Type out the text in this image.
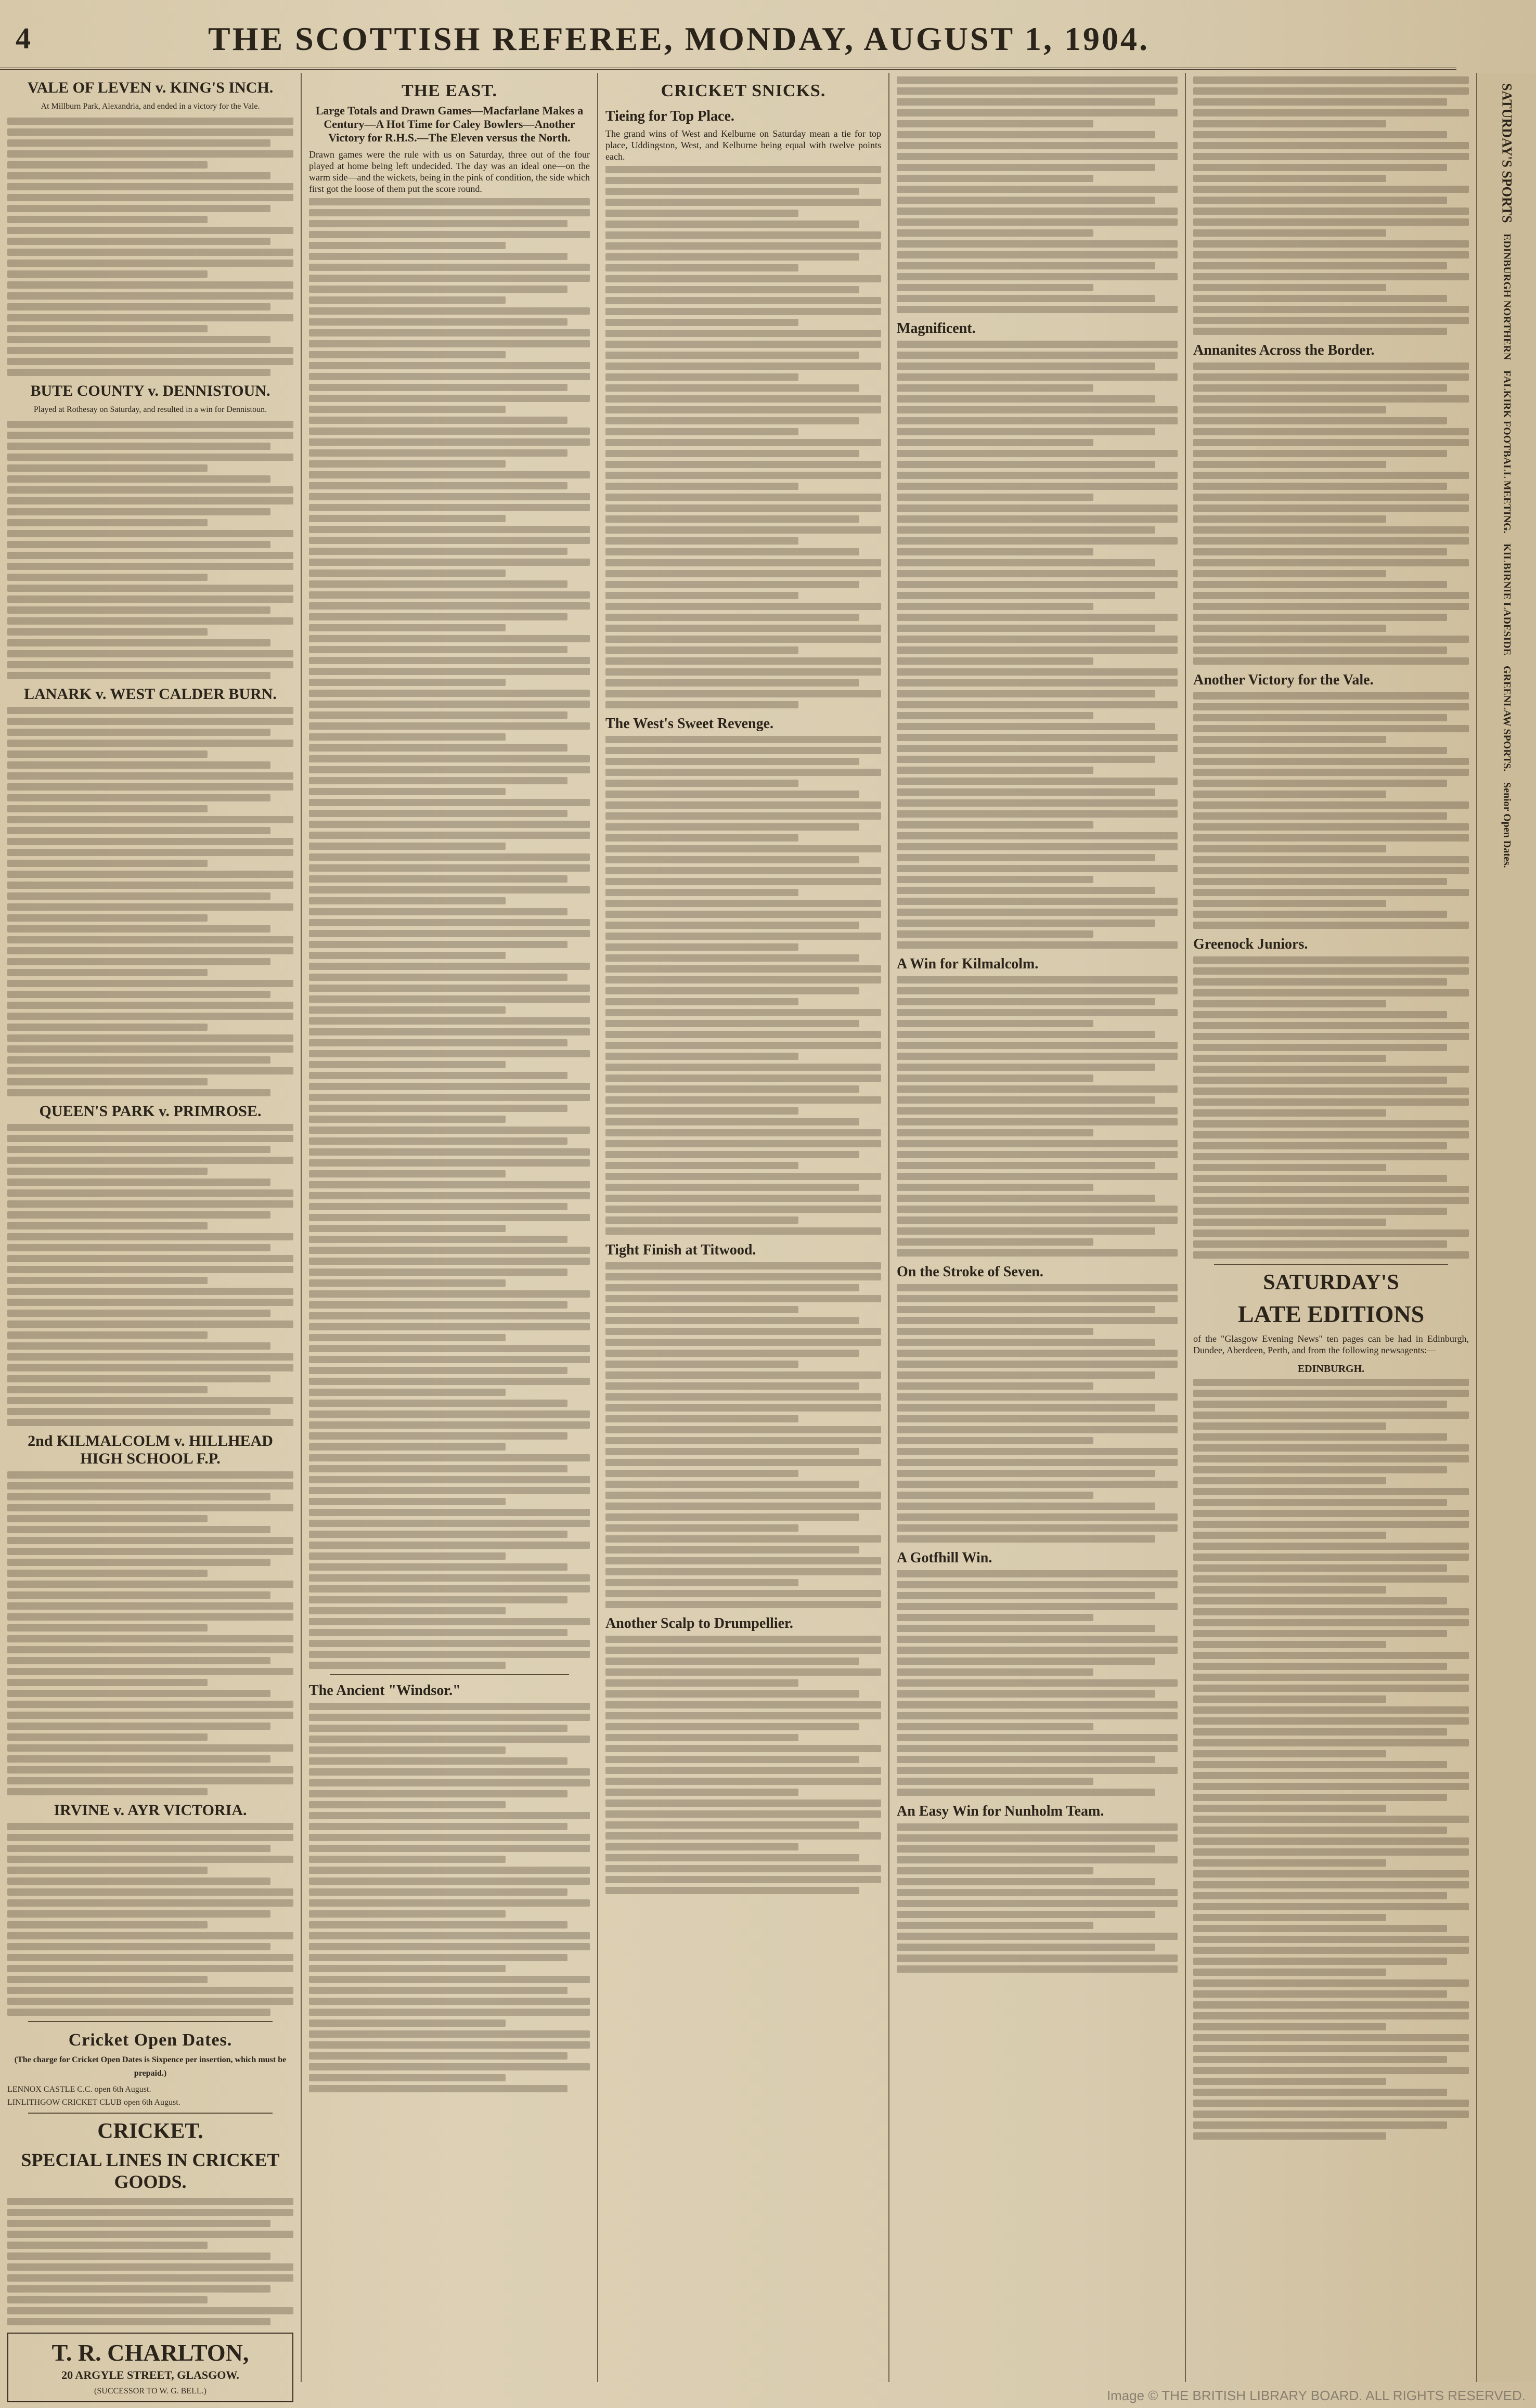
4	THE SCOTTISH REFEREE, MONDAY, AUGUST 1, 1904.
VALE OF LEVEN v. KING'S INCH.

At Millburn Park, Alexandria, and ended in a victory for the Vale.

BUTE COUNTY v. DENNISTOUN.

Played at Rothesay on Saturday, and resulted in a win for Dennistoun.

LANARK v. WEST CALDER BURN.
QUEEN'S PARK v. PRIMROSE.
2nd KILMALCOLM v. HILLHEAD HIGH SCHOOL F.P.
IRVINE v. AYR VICTORIA.
Cricket Open Dates.

(The charge for Cricket Open Dates is Sixpence per insertion, which must be prepaid.)

LENNOX CASTLE C.C. open 6th August.

LINLITHGOW CRICKET CLUB open 6th August.

CRICKET.
SPECIAL LINES IN CRICKET GOODS.
T. R. CHARLTON,
20 ARGYLE STREET, GLASGOW.
(SUCCESSOR TO W. G. BELL.)
THE EAST.

Large Totals and Drawn Games—Macfarlane Makes a Century—A Hot Time for Caley Bowlers—Another Victory for R.H.S.—The Eleven versus the North.

Drawn games were the rule with us on Saturday, three out of the four played at home being left undecided. The day was an ideal one—on the warm side—and the wickets, being in the pink of condition, the side which first got the loose of them put the score round.

The Ancient "Windsor."
CRICKET SNICKS.
Tieing for Top Place.

The grand wins of West and Kelburne on Saturday mean a tie for top place, Uddingston, West, and Kelburne being equal with twelve points each.

The West's Sweet Revenge.
Tight Finish at Titwood.
Another Scalp to Drumpellier.
Magnificent.
A Win for Kilmalcolm.
On the Stroke of Seven.
A Gotfhill Win.
An Easy Win for Nunholm Team.
Annanites Across the Border.
Another Victory for the Vale.
Greenock Juniors.
SATURDAY'S
LATE EDITIONS

of the "Glasgow Evening News" ten pages can be had in Edinburgh, Dundee, Aberdeen, Perth, and from the following newsagents:—

EDINBURGH.
SATURDAY'S SPORTS
EDINBURGH NORTHERN
FALKIRK FOOTBALL MEETING.
KILBIRNIE LADESIDE
GREENLAW SPORTS.
Senior Open Dates.
Image © THE BRITISH LIBRARY BOARD. ALL RIGHTS RESERVED.
